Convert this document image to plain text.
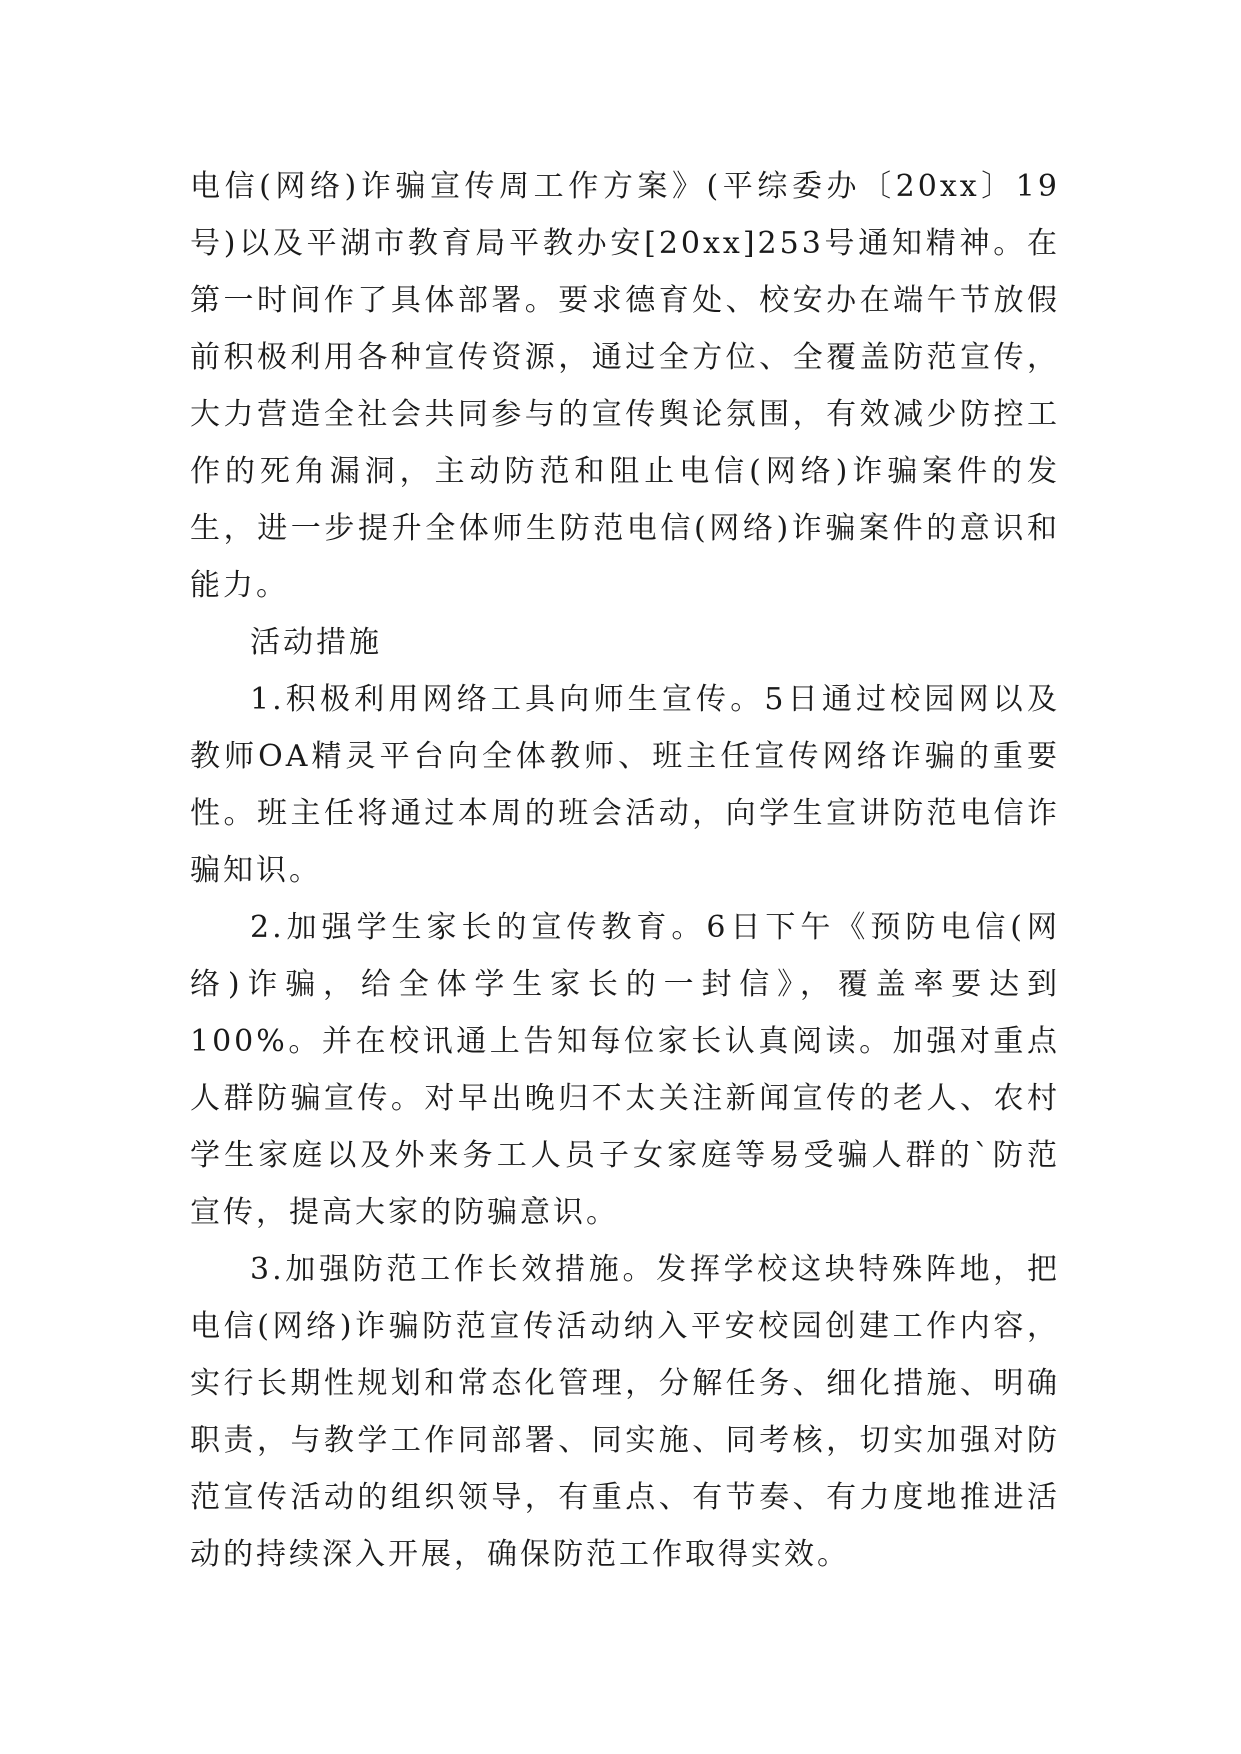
电信(网络)诈骗宣传周工作方案》(平综委办〔20xx〕19号)以及平湖市教育局平教办安[20xx]253号通知精神。在第一时间作了具体部署。要求德育处、校安办在端午节放假前积极利用各种宣传资源，通过全方位、全覆盖防范宣传，大力营造全社会共同参与的宣传舆论氛围，有效减少防控工作的死角漏洞，主动防范和阻止电信(网络)诈骗案件的发生，进一步提升全体师生防范电信(网络)诈骗案件的意识和能力。

活动措施

1.积极利用网络工具向师生宣传。5日通过校园网以及教师OA精灵平台向全体教师、班主任宣传网络诈骗的重要性。班主任将通过本周的班会活动，向学生宣讲防范电信诈骗知识。

2.加强学生家长的宣传教育。6日下午《预防电信(网络)诈骗，给全体学生家长的一封信》，覆盖率要达到100%。并在校讯通上告知每位家长认真阅读。加强对重点人群防骗宣传。对早出晚归不太关注新闻宣传的老人、农村学生家庭以及外来务工人员子女家庭等易受骗人群的`防范宣传，提高大家的防骗意识。

3.加强防范工作长效措施。发挥学校这块特殊阵地，把电信(网络)诈骗防范宣传活动纳入平安校园创建工作内容，实行长期性规划和常态化管理，分解任务、细化措施、明确职责，与教学工作同部署、同实施、同考核，切实加强对防范宣传活动的组织领导，有重点、有节奏、有力度地推进活动的持续深入开展，确保防范工作取得实效。
